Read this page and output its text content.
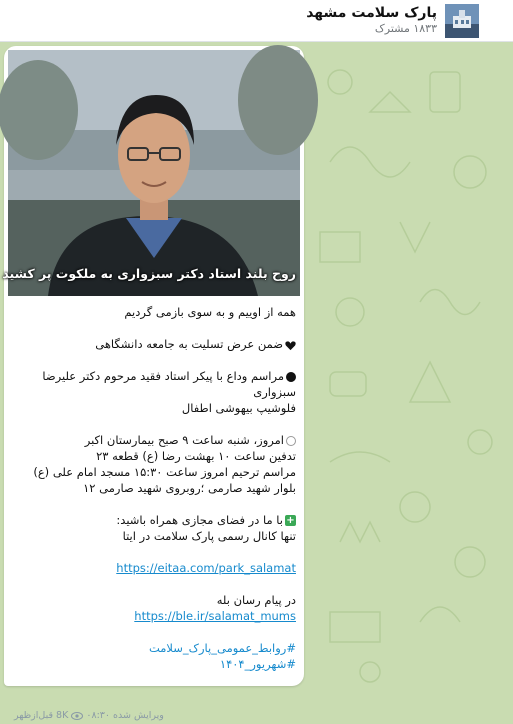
پارک سلامت مشهد
۱۸۳۳ مشترک
روح بلند استاد دکتر سبزواری به ملکوت پر کشید

همه از اوییم و به سوی بازمی گردیم

ضمن عرض تسلیت به جامعه دانشگاهی

مراسم وداع با پیکر استاد فقید مرحوم دکتر علیرضا سبزواری

فلوشیپ بیهوشی اطفال

امروز، شنبه ساعت ۹ صبح بیمارستان اکبر

تدفین ساعت ۱۰ بهشت رضا (ع) قطعه ۲۳

مراسم ترحیم امروز ساعت ۱۵:۳۰ مسجد امام علی (ع) بلوار شهید صارمی ؛روبروی شهید صارمی ۱۲

+با ما در فضای مجازی همراه باشید:

تنها کانال رسمی پارک سلامت در ایتا

https://eitaa.com/park_salamat

در پیام رسان بله

https://ble.ir/salamat_mums
#روابط_عمومی_پارک_سلامت
#شهریور_۱۴۰۴
ویرایش شده 8K  ۰۸:۳۰ قبل‌ازظهر
